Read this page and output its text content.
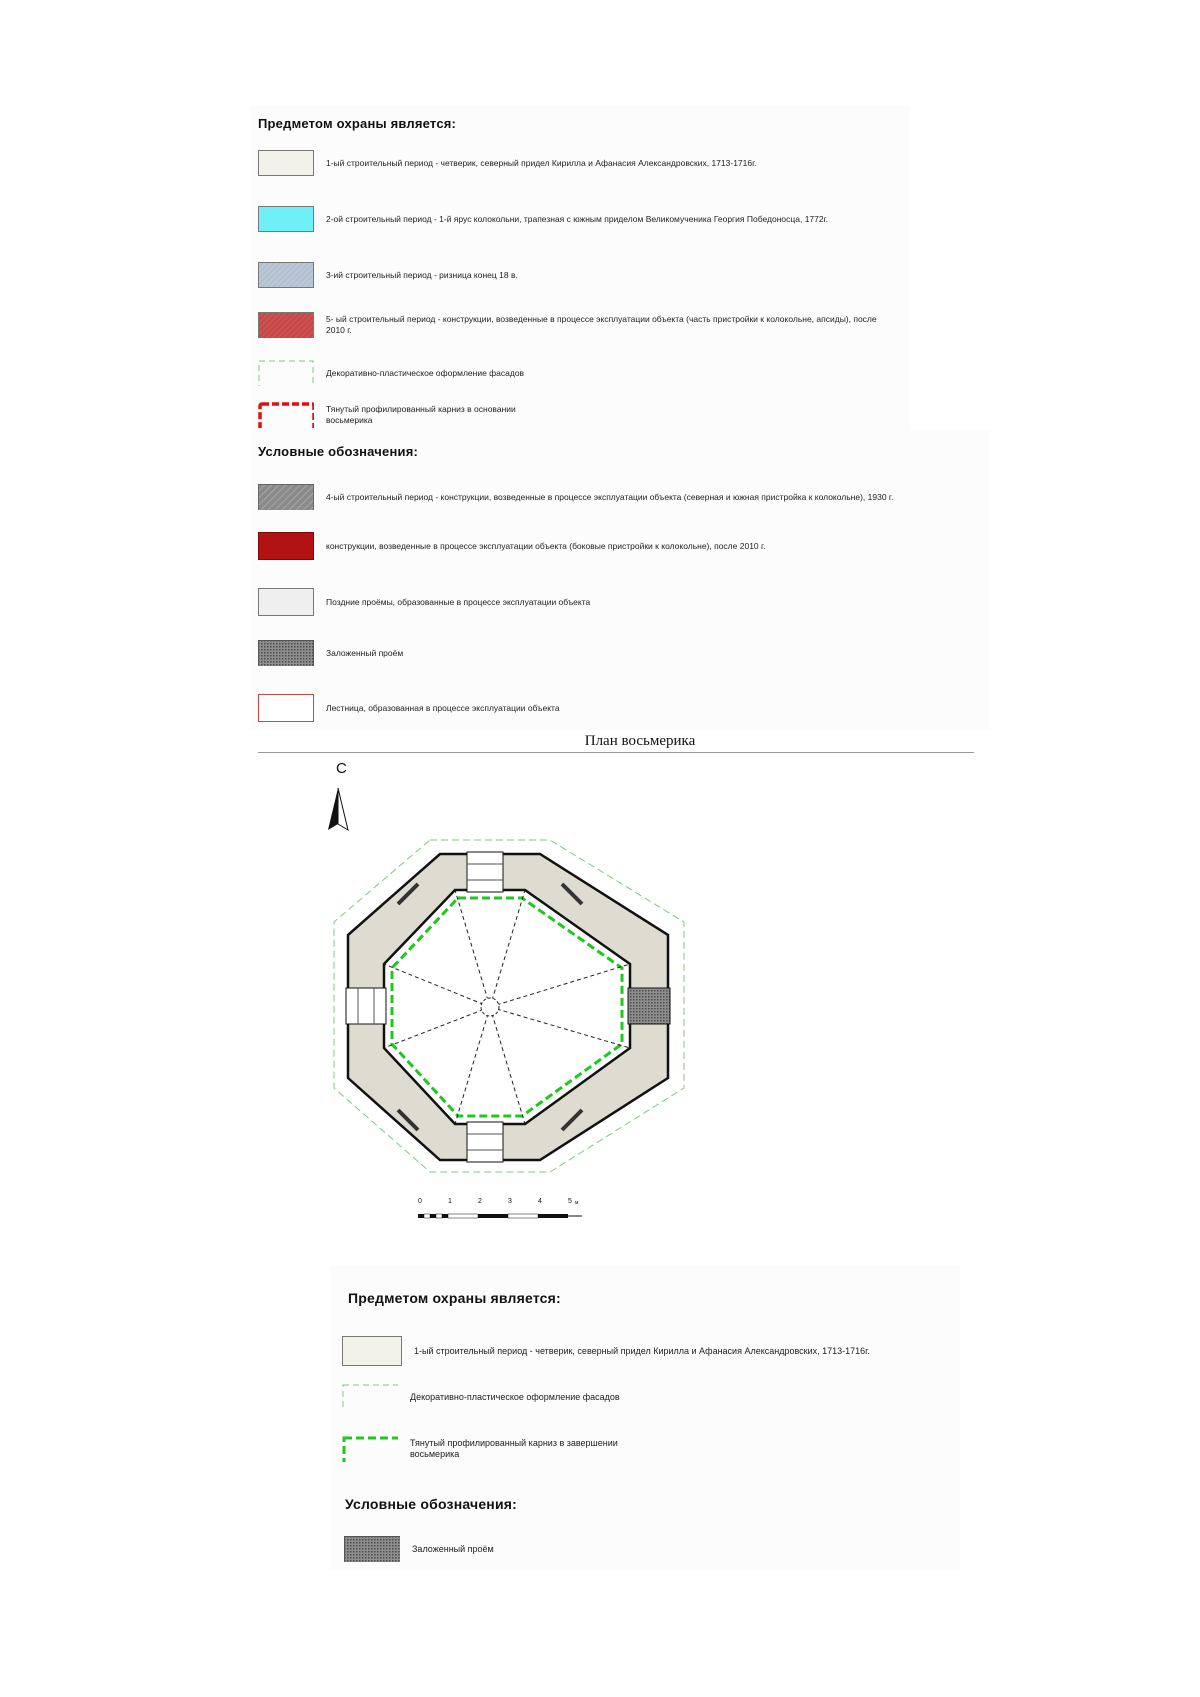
Предметом охраны является:
1-ый строительный период - четверик, северный придел Кирилла и Афанасия Александровских, 1713-1716г.
2-ой строительный период - 1-й ярус колокольни, трапезная с южным приделом Великомученика Георгия Победоносца, 1772г.
3-ий строительный период - ризница конец 18 в.
5- ый строительный период - конструкции, возведенные в процессе эксплуатации объекта (часть пристройки к колокольне, апсиды), после 2010 г.
Декоративно-пластическое оформление фасадов
Тянутый профилированный карниз в основании восьмерика
Условные обозначения:
4-ый строительный период - конструкции, возведенные в процессе эксплуатации объекта (северная и южная пристройка к колокольне), 1930 г.
конструкции, возведенные в процессе эксплуатации объекта (боковые пристройки к колокольне), после 2010 г.
Поздние проёмы, образованные в процессе эксплуатации объекта
Заложенный проём
Лестница, образованная в процессе эксплуатации объекта
План восьмерика
С
0	1	2	3	4	5 м
Предметом охраны является:
1-ый строительный период - четверик, северный придел Кирилла и Афанасия Александровских, 1713-1716г.
Декоративно-пластическое оформление фасадов
Тянутый профилированный карниз в завершении восьмерика
Условные обозначения:
Заложенный проём
